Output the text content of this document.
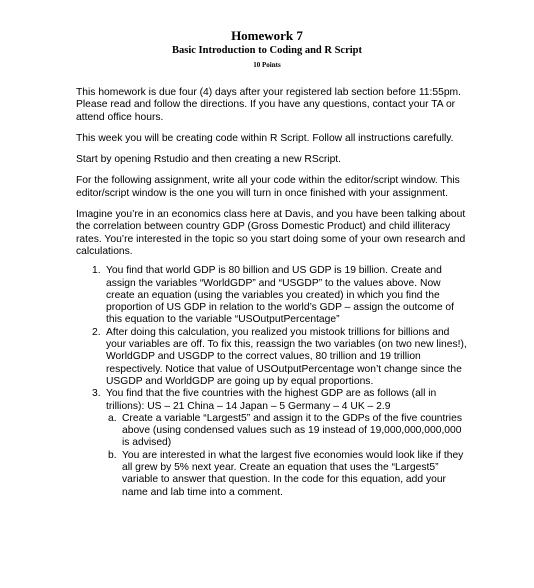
Homework 7
Basic Introduction to Coding and R Script
10 Points

This homework is due four (4) days after your registered lab section before 11:55pm. Please read and follow the directions. If you have any questions, contact your TA or attend office hours.

This week you will be creating code within R Script. Follow all instructions carefully.

Start by opening Rstudio and then creating a new RScript.

For the following assignment, write all your code within the editor/script window. This editor/script window is the one you will turn in once finished with your assignment.

Imagine you’re in an economics class here at Davis, and you have been talking about the correlation between country GDP (Gross Domestic Product) and child illiteracy rates. You’re interested in the topic so you start doing some of your own research and calculations.

1. You find that world GDP is 80 billion and US GDP is 19 billion. Create and assign the variables “WorldGDP” and “USGDP” to the values above. Now create an equation (using the variables you created) in which you find the proportion of US GDP in relation to the world’s GDP – assign the outcome of this equation to the variable “USOutputPercentage”
2. After doing this calculation, you realized you mistook trillions for billions and your variables are off. To fix this, reassign the two variables (on two new lines!), WorldGDP and USGDP to the correct values, 80 trillion and 19 trillion respectively. Notice that value of USOutputPercentage won’t change since the USGDP and WorldGDP are going up by equal proportions.
3. You find that the five countries with the highest GDP are as follows (all in trillions): US – 21 China – 14 Japan – 5 Germany – 4 UK – 2.9
a. Create a variable “Largest5” and assign it to the GDPs of the five countries above (using condensed values such as 19 instead of 19,000,000,000,000 is advised)
b. You are interested in what the largest five economies would look like if they all grew by 5% next year. Create an equation that uses the “Largest5” variable to answer that question. In the code for this equation, add your name and lab time into a comment.
